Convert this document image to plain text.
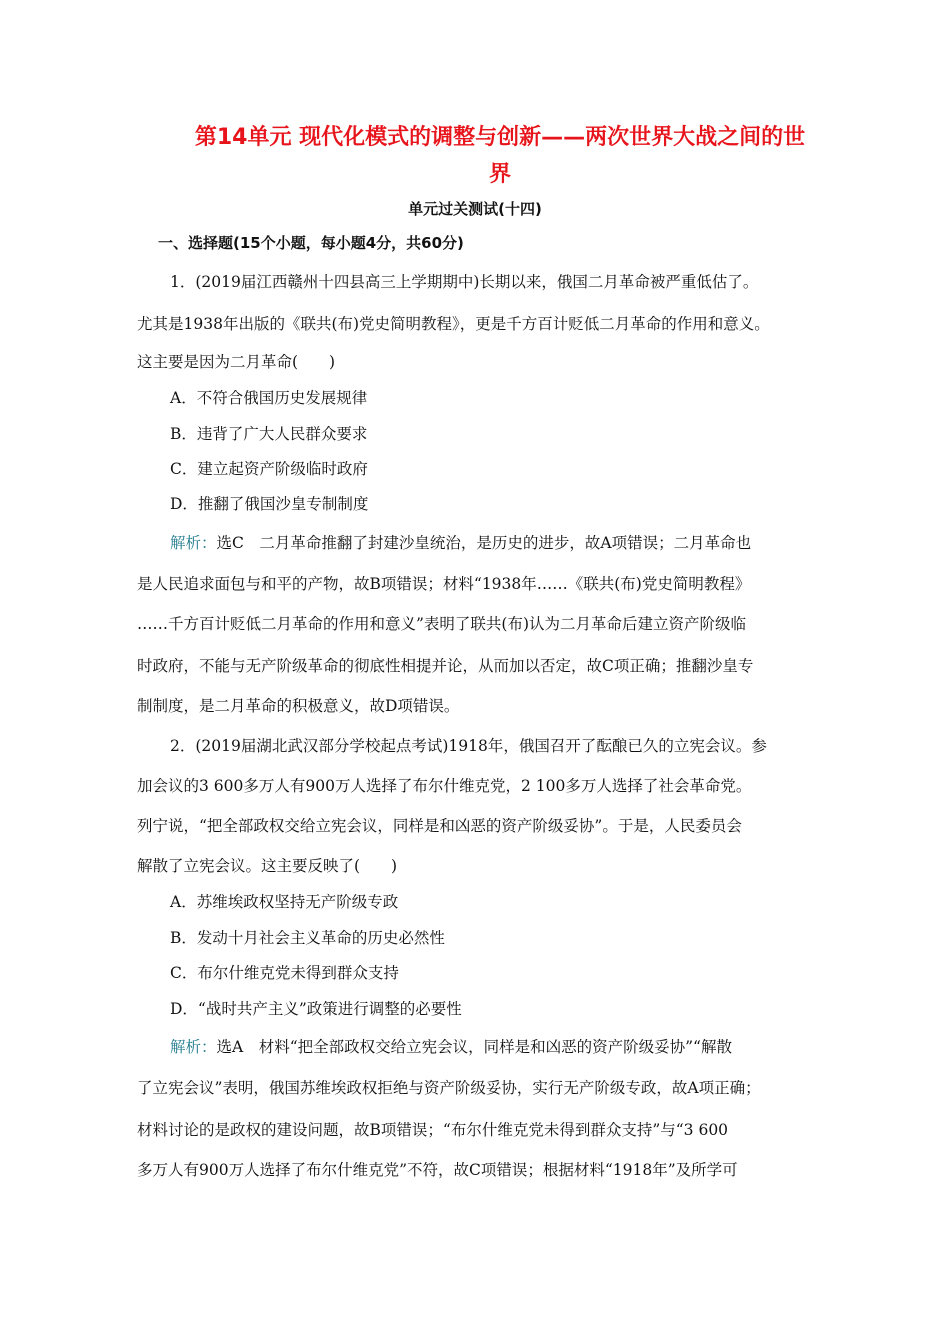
第14单元 现代化模式的调整与创新——两次世界大战之间的世
界
单元过关测试(十四)
一、选择题(15个小题，每小题4分，共60分)
1．(2019届江西赣州十四县高三上学期期中)长期以来，俄国二月革命被严重低估了。
尤其是1938年出版的《联共(布)党史简明教程》，更是千方百计贬低二月革命的作用和意义。
这主要是因为二月革命(　　)
A．不符合俄国历史发展规律
B．违背了广大人民群众要求
C．建立起资产阶级临时政府
D．推翻了俄国沙皇专制制度
解析：选C　二月革命推翻了封建沙皇统治，是历史的进步，故A项错误；二月革命也
是人民追求面包与和平的产物，故B项错误；材料“1938年……《联共(布)党史简明教程》
……千方百计贬低二月革命的作用和意义”表明了联共(布)认为二月革命后建立资产阶级临
时政府，不能与无产阶级革命的彻底性相提并论，从而加以否定，故C项正确；推翻沙皇专
制制度，是二月革命的积极意义，故D项错误。
2．(2019届湖北武汉部分学校起点考试)1918年，俄国召开了酝酿已久的立宪会议。参
加会议的3 600多万人有900万人选择了布尔什维克党，2 100多万人选择了社会革命党。
列宁说，“把全部政权交给立宪会议，同样是和凶恶的资产阶级妥协”。于是，人民委员会
解散了立宪会议。这主要反映了(　　)
A．苏维埃政权坚持无产阶级专政
B．发动十月社会主义革命的历史必然性
C．布尔什维克党未得到群众支持
D．“战时共产主义”政策进行调整的必要性
解析：选A　材料“把全部政权交给立宪会议，同样是和凶恶的资产阶级妥协”“解散
了立宪会议”表明，俄国苏维埃政权拒绝与资产阶级妥协，实行无产阶级专政，故A项正确；
材料讨论的是政权的建设问题，故B项错误；“布尔什维克党未得到群众支持”与“3 600
多万人有900万人选择了布尔什维克党”不符，故C项错误；根据材料“1918年”及所学可
